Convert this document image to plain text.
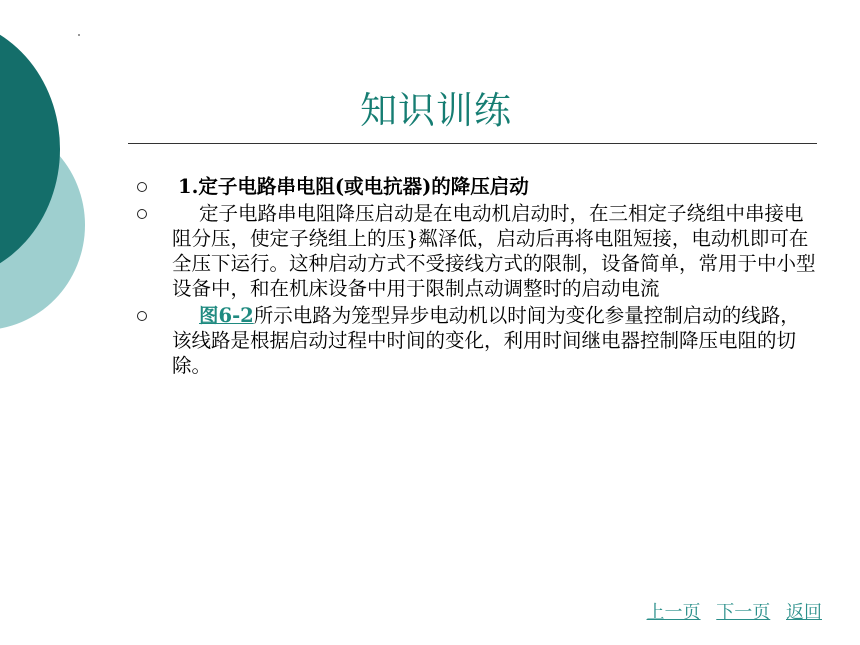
知识训练
1.定子电路串电阻(或电抗器)的降压启动
定子电路串电阻降压启动是在电动机启动时，在三相定子绕组中串接电阻分压，使定子绕组上的压}粼泽低，启动后再将电阻短接，电动机即可在全压下运行。这种启动方式不受接线方式的限制，设备简单，常用于中小型设备中，和在机床设备中用于限制点动调整时的启动电流
图6-2所示电路为笼型异步电动机以时间为变化参量控制启动的线路，该线路是根据启动过程中时间的变化，利用时间继电器控制降压电阻的切除。
上一页 下一页 返回
